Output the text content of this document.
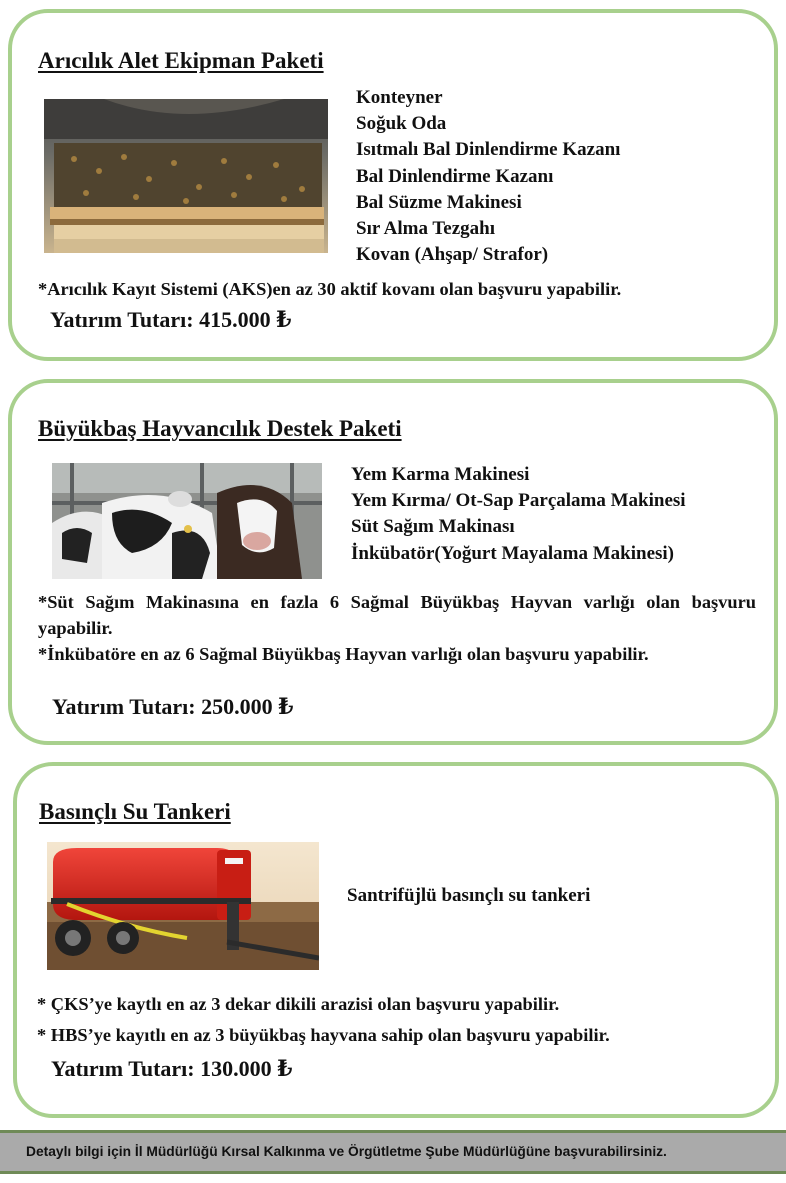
Arıcılık Alet Ekipman Paketi
Konteyner
Soğuk Oda
Isıtmalı Bal Dinlendirme Kazanı
Bal Dinlendirme Kazanı
Bal Süzme Makinesi
Sır Alma Tezgahı
Kovan (Ahşap/ Strafor)
*Arıcılık Kayıt Sistemi (AKS)en az 30 aktif kovanı olan başvuru yapabilir.
Yatırım Tutarı: 415.000 ₺
Büyükbaş Hayvancılık Destek Paketi
Yem Karma Makinesi
Yem Kırma/ Ot-Sap Parçalama Makinesi
Süt Sağım Makinası
İnkübatör(Yoğurt Mayalama Makinesi)
*Süt Sağım Makinasına en fazla 6 Sağmal Büyükbaş Hayvan varlığı olan başvuru yapabilir.
*İnkübatöre en az 6 Sağmal Büyükbaş Hayvan varlığı olan başvuru yapabilir.
Yatırım Tutarı: 250.000 ₺
Basınçlı Su Tankeri
Santrifüjlü basınçlı su tankeri
* ÇKS’ye kaytlı en az 3 dekar dikili arazisi olan başvuru yapabilir.
* HBS’ye kayıtlı en az 3 büyükbaş hayvana sahip olan başvuru yapabilir.
Yatırım Tutarı: 130.000 ₺
Detaylı bilgi için İl Müdürlüğü Kırsal Kalkınma ve Örgütletme Şube Müdürlüğüne başvurabilirsiniz.
